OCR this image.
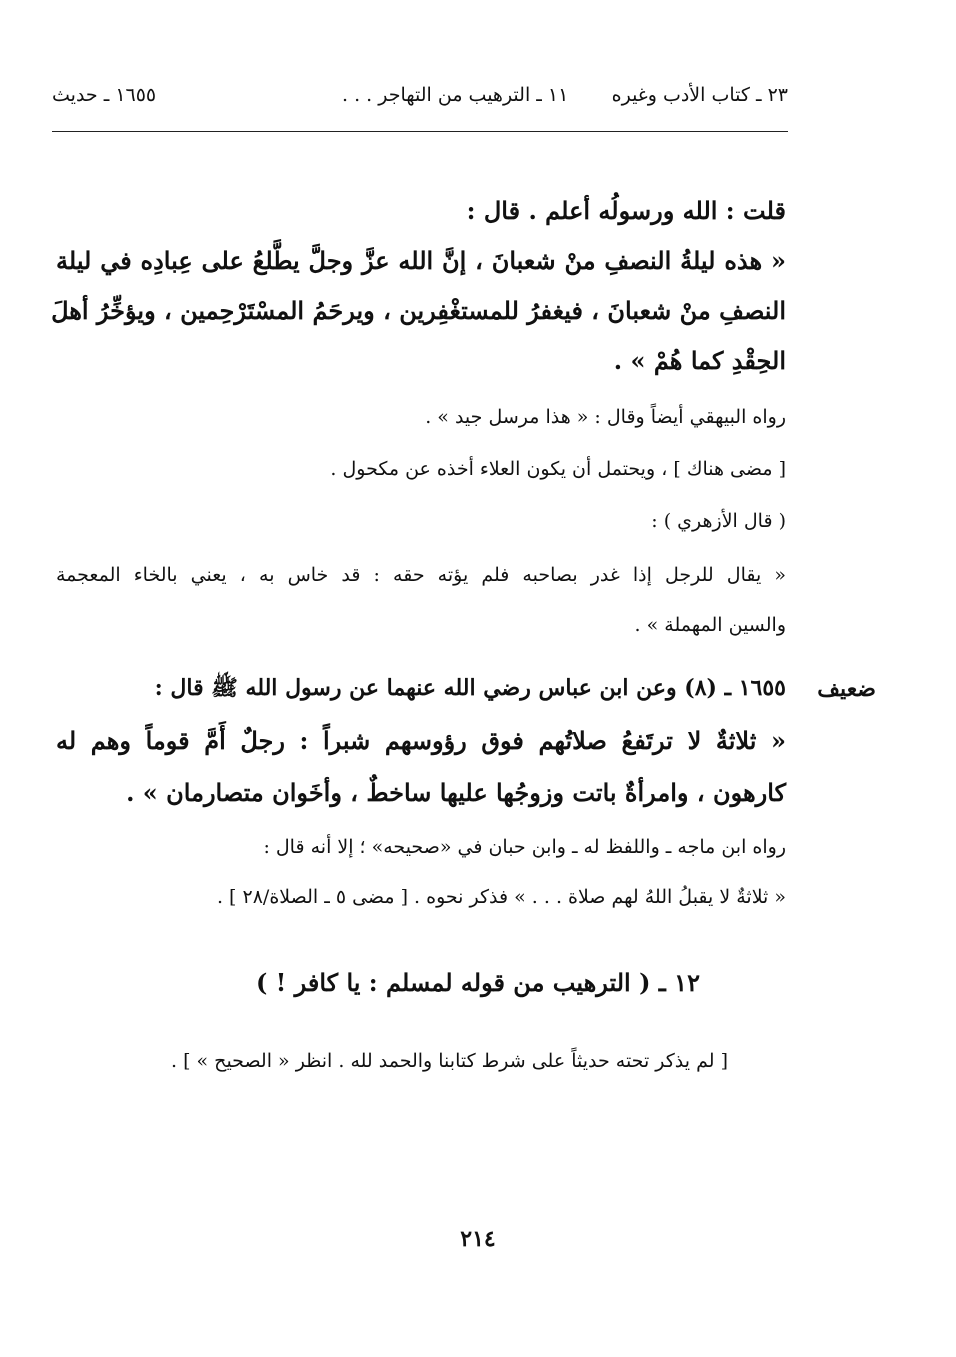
١٦٥٥ ـ حديث	١١ ـ الترهيب من التهاجر . . . ٢٣ ـ كتاب الأدب وغيره
قلت : الله ورسولُه أعلم . قال :
« هذه ليلةُ النصفِ منْ شعبانَ ، إنَّ الله عزَّ وجلَّ يطَّلعُ على عِبادِه في ليلة
النصفِ منْ شعبانَ ، فيغفرُ للمستغْفِرين ، ويرحَمُ المسْتَرْحِمين ، ويؤخِّرُ أهلَ
الحِقْدِ كما هُمْ » .
رواه البيهقي أيضاً وقال : « هذا مرسل جيد » .
[ مضى هناك ] ، ويحتمل أن يكون العلاء أخذه عن مكحول .
( قال الأزهري ) :
« يقال للرجل إذا غدر بصاحبه فلم يؤته حقه : قد خاس به ، يعني بالخاء المعجمة
والسين المهملة » .
ضعيف
١٦٥٥ ـ (٨) وعن ابن عباس رضي الله عنهما عن رسول الله ﷺ قال :
« ثلاثةٌ لا ترتَفعُ صلاتُهم فوق رؤوسهم شبراً : رجلٌ أَمَّ قوماً وهم له
كارهون ، وامرأةٌ باتت وزوجُها عليها ساخطٌ ، وأخَوان متصارمان » .
رواه ابن ماجه ـ واللفظ له ـ وابن حبان في «صحيحه» ؛ إلا أنه قال :
« ثلاثةٌ لا يقبلُ اللهُ لهم صلاة . . . » فذكر نحوه . [ مضى ٥ ـ الصلاة/٢٨ ] .
١٢ ـ ( الترهيب من قوله لمسلم : يا كافر ! )
[ لم يذكر تحته حديثاً على شرط كتابنا والحمد لله . انظر « الصحيح » ] .
٢١٤
